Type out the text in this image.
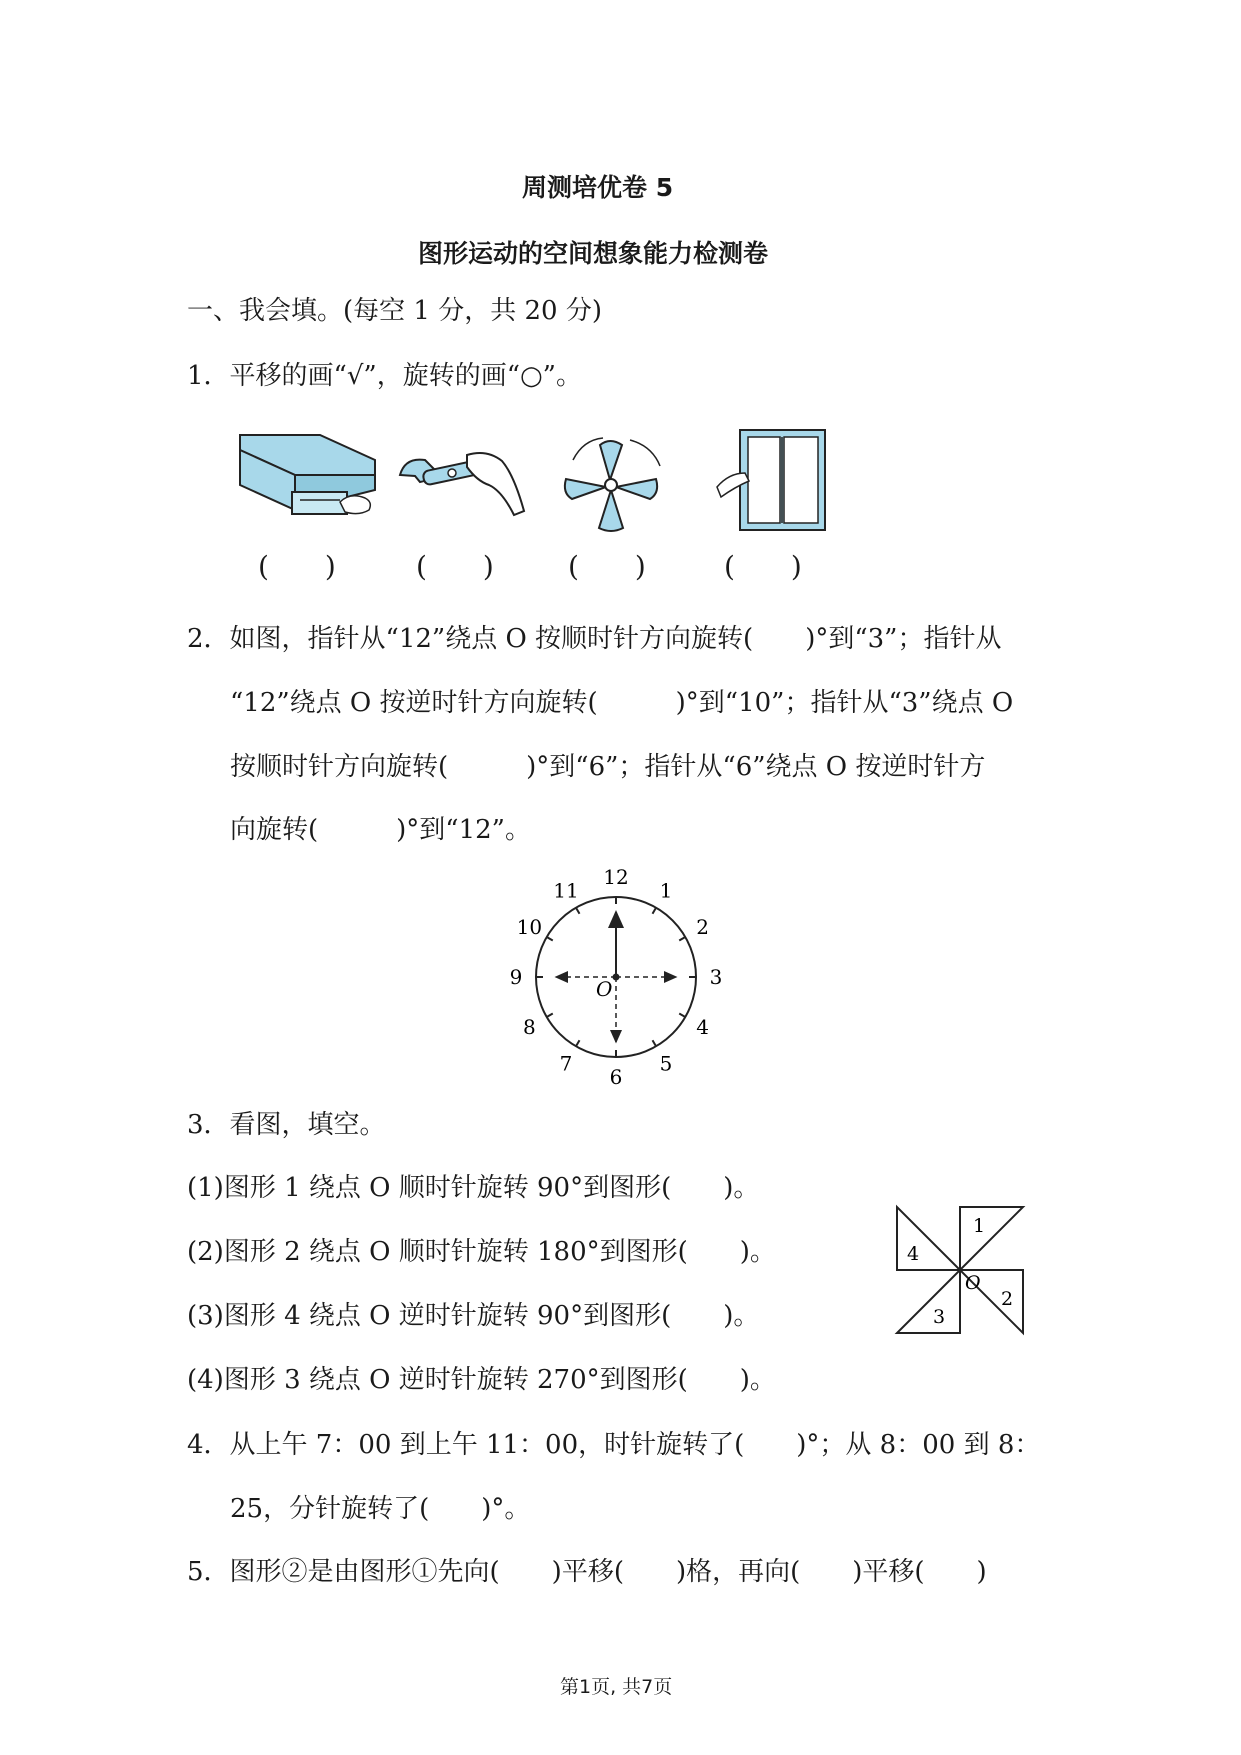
周测培优卷 5
图形运动的空间想象能力检测卷
一、我会填。(每空 1 分，共 20 分)
1．平移的画“√”，旋转的画“○”。
(　　)	(　　)	(　　)	(　　)
2．如图，指针从“12”绕点 O 按顺时针方向旋转(　　)°到“3”；指针从
“12”绕点 O 按逆时针方向旋转(　　　)°到“10”；指针从“3”绕点 O
按顺时针方向旋转(　　　)°到“6”；指针从“6”绕点 O 按逆时针方
向旋转(　　　)°到“12”。
O
12
1
2
3
4
5
6
7
8
9
10
11
3．看图，填空。
(1)图形 1 绕点 O 顺时针旋转 90°到图形(　　)。
(2)图形 2 绕点 O 顺时针旋转 180°到图形(　　)。
(3)图形 4 绕点 O 逆时针旋转 90°到图形(　　)。
(4)图形 3 绕点 O 逆时针旋转 270°到图形(　　)。
1
2
3
4
O
4．从上午 7：00 到上午 11：00，时针旋转了(　　)°；从 8：00 到 8：
25，分针旋转了(　　)°。
5．图形②是由图形①先向(　　)平移(　　)格，再向(　　)平移(　　)
第1页, 共7页
